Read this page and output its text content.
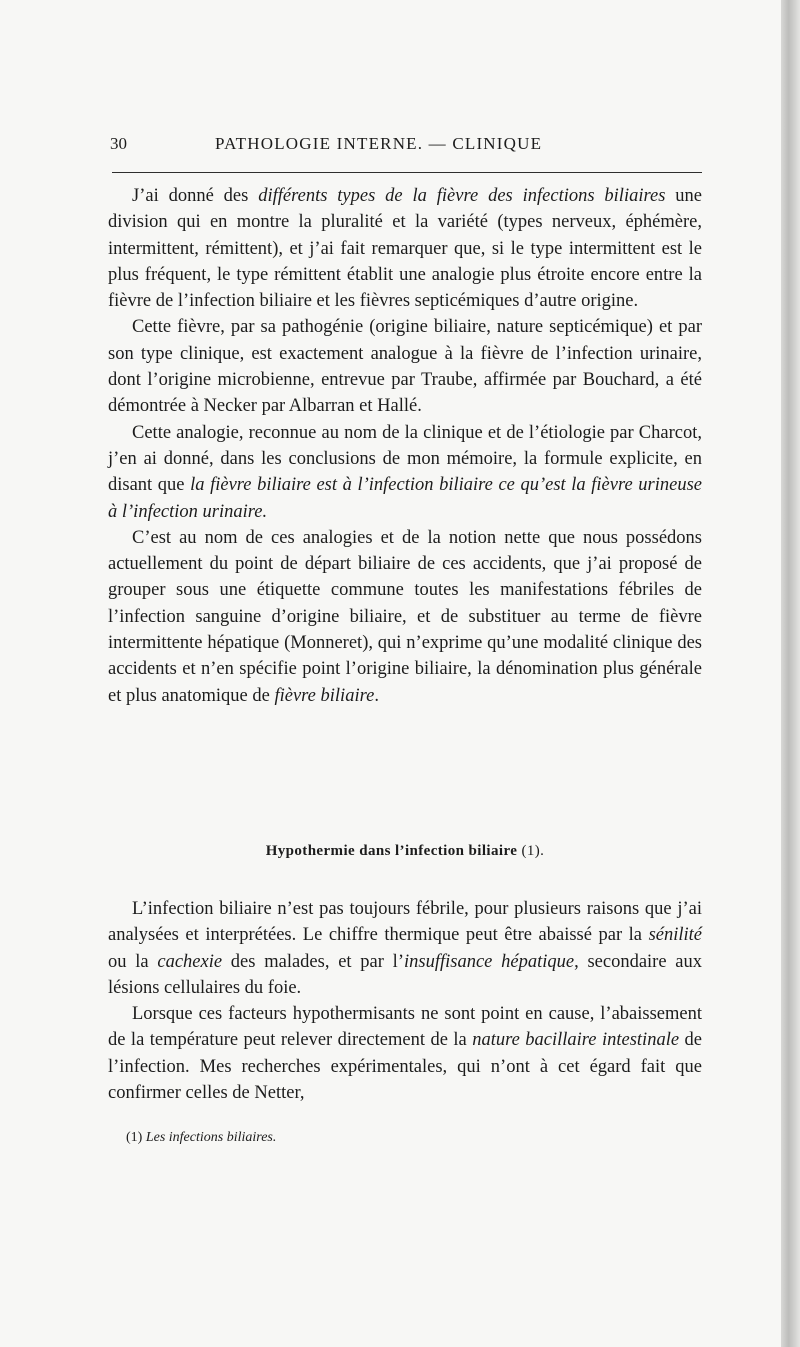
30	PATHOLOGIE INTERNE. — CLINIQUE

J’ai donné des différents types de la fièvre des infections biliaires une division qui en montre la pluralité et la variété (types nerveux, éphémère, intermittent, rémittent), et j’ai fait remarquer que, si le type intermittent est le plus fréquent, le type rémittent établit une analogie plus étroite encore entre la fièvre de l’infection biliaire et les fièvres septicémiques d’autre origine.

Cette fièvre, par sa pathogénie (origine biliaire, nature septicémique) et par son type clinique, est exactement analogue à la fièvre de l’infection urinaire, dont l’origine microbienne, entrevue par Traube, affirmée par Bouchard, a été démontrée à Necker par Albarran et Hallé.

Cette analogie, reconnue au nom de la clinique et de l’étiologie par Charcot, j’en ai donné, dans les conclusions de mon mémoire, la formule explicite, en disant que la fièvre biliaire est à l’infection biliaire ce qu’est la fièvre urineuse à l’infection urinaire.

C’est au nom de ces analogies et de la notion nette que nous possédons actuellement du point de départ biliaire de ces accidents, que j’ai proposé de grouper sous une étiquette commune toutes les manifestations fébriles de l’infection sanguine d’origine biliaire, et de substituer au terme de fièvre intermittente hépatique (Monneret), qui n’exprime qu’une modalité clinique des accidents et n’en spécifie point l’origine biliaire, la dénomination plus générale et plus anatomique de fièvre biliaire.

Hypothermie dans l’infection biliaire (1).

L’infection biliaire n’est pas toujours fébrile, pour plusieurs raisons que j’ai analysées et interprétées. Le chiffre thermique peut être abaissé par la sénilité ou la cachexie des malades, et par l’insuffisance hépatique, secondaire aux lésions cellulaires du foie.

Lorsque ces facteurs hypothermisants ne sont point en cause, l’abaissement de la température peut relever directement de la nature bacillaire intestinale de l’infection. Mes recherches expérimentales, qui n’ont à cet égard fait que confirmer celles de Netter,

(1) Les infections biliaires.
